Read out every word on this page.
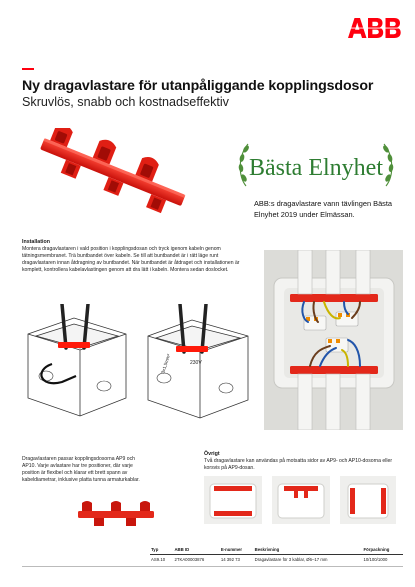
Ny dragavlastare för utanpåliggande kopplingsdosor
Skruvlös, snabb och kostnadseffektiv
Bästa Elnyhet
ABB:s dragavlastare vann tävlingen Bästa Elnyhet 2019 under Elmässan.
Installation
Montera dragavlastaren i vald position i kopplingsdosan och tryck igenom kabeln genom tätningsmembranet. Trä buntbandet över kabeln. Se till att buntbandet är i rätt läge runt dragavlastaren innan åtdragning av buntbandet. När buntbandet är åtdraget och installationen är komplett, kontrollera kabelavlastingen genom att dra lätt i kabeln. Montera sedan doslocket.
230V
3x1,5mm²
Dragavlastaren passar kopplingsdosorna AP9 och AP10. Varje avlastare har tre positioner, där varje position är flexibel och klarar ett brett spann av kabeldiametrar, inklusive platta tunna armaturkablar.
Övrigt
Två dragavlastare kan användas på motsatta sidor av AP9- och AP10-dosorna eller korsvis på AP9-dosan.
Typ	ABB ID	E-nummer	Beskrivning	Förpackning
AS9.10	2TKA00003876	14 392 73	Dragavlastare för 3 kablar, Ø6–17 mm	10/100/1000
